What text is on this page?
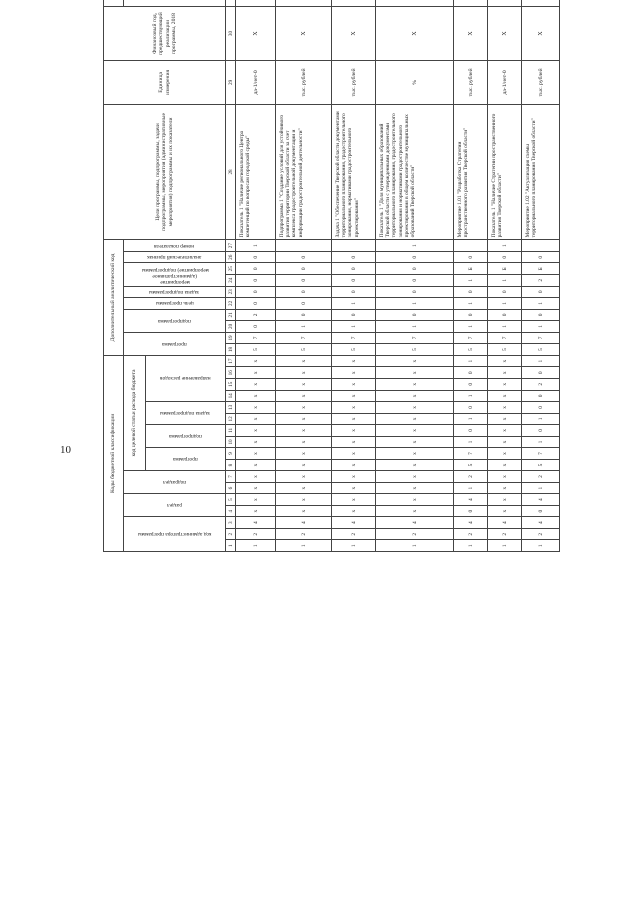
10	Коды бюджетной классификации																	Дополнительный аналитический код										Цели программы, подпрограммы, задачи подпрограммы, мероприятия (административные мероприятия) подпрограммы и их показатели	Единица измерения	Финансовый год, предшествующий реализации программы, 2018		

код администратора программы			раздел		подраздел		код целевой статьи расхода бюджета										программа		подпрограмма		цель программы	задача подпрограммы	мероприятие (административное мероприятие) подпрограммы		аналитический признак	номер показателя

							программа		подпрограмма		задача подпрограммы		направление расходов																							

1	2	3	4	5	6	7	8	9	10	11	12	13	14	15	16	17	18	19	20	21	22	23	24	25	26	27	28	29	30							
1	2	4	x	x	x	x	x	x	x	x	x	x	x	x	x	x	5	7	0	2	0	0	0	0	0	1	Показатель 1 "Наличие регионального Центра компетенций по вопросам городской среды"	да-1/нет-0	X							
1	2	4	x	x	x	x	x	x	x	x	x	x	x	x	x	x	5	7	1	0	0	0	0	0	0		Подпрограмма 1 "Создание условий для устойчивого развития территории Тверской области за счет комплекса градостроительной документации и информации градостроительной деятельности"	тыс. рублей	X							
1	2	4	x	x	x	x	x	x	x	x	x	x	x	x	x	x	5	7	1	0	1	0	0	0	0		Задача 1 "Обеспечение Тверской области документами территориального планирования, градостроительного зонирования, нормативами градостроительного проектирования"	тыс. рублей	X							
1	2	4	x	x	x	x	x	x	x	x	x	x	x	x	x	x	5	7	1	0	1	0	0	0	0	1	Показатель 1 "Доля муниципальных образований Тверской области с утвержденными документами территориального планирования, градостроительного зонирования и нормативами градостроительного проектирования в общем количестве муниципальных образований Тверской области"	%	X							
1	2	4	0	4	1	2	5	7	1	0	1	0	1	0	0	1	5	7	1	0	1	0	1	Б	0		Мероприятие 1.01 "Разработка Стратегии пространственного развития Тверской области"	тыс. рублей	X							
1	2	4	x	x	x	x	x	x	x	x	x	x	x	x	x	x	5	7	1	0	1	0	1	Б	0	1	Показатель 1 "Наличие Стратегии пространственного развития Тверской области"	да-1/нет-0	X							
1	2	4	0	4	1	2	5	7	1	0	1	0	0	2	0	1	5	7	1	0	1	0	2	Б	0		Мероприятие 1.02 "Актуализация схемы территориального планирования Тверской области"	тыс. рублей	X							
